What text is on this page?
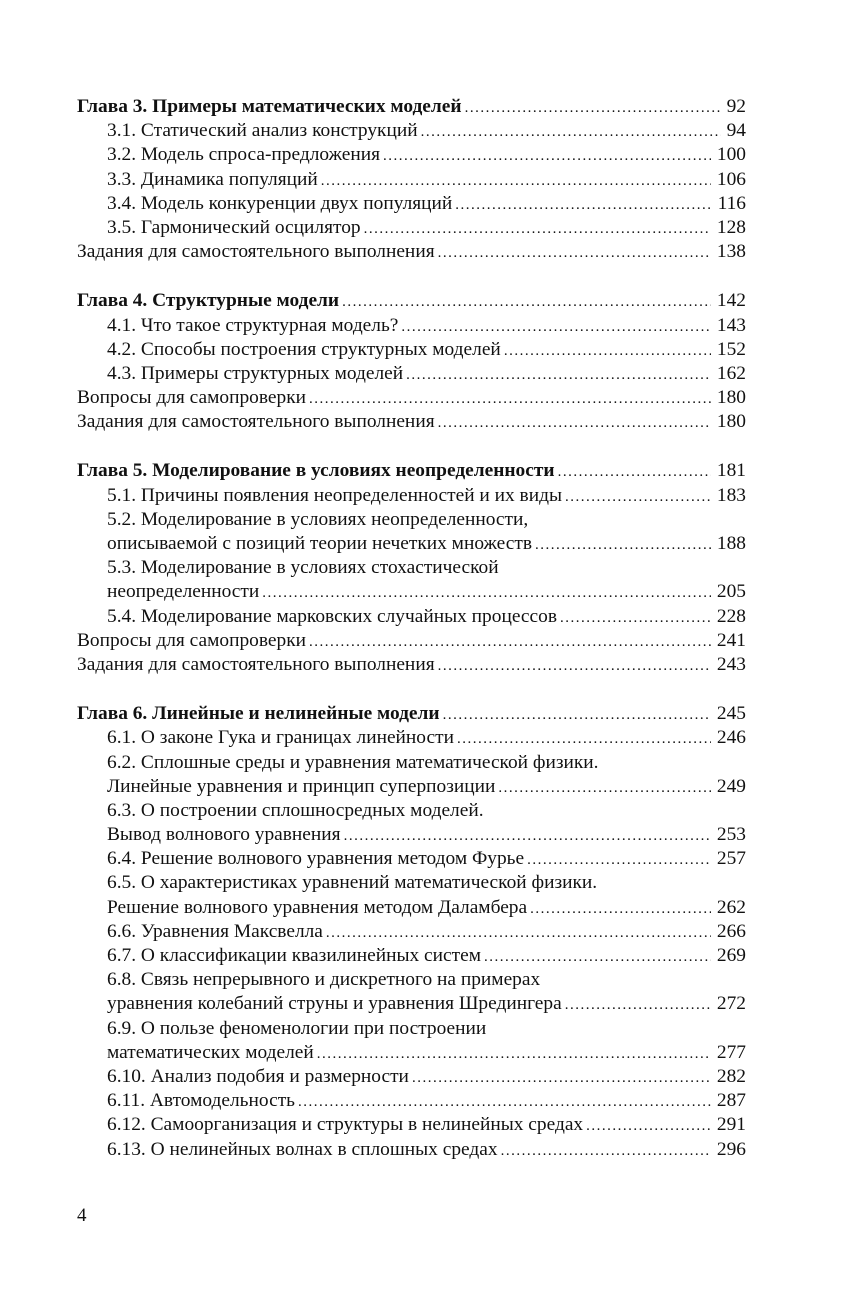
Глава 3. Примеры математических моделей .....	92
3.1. Статический анализ конструкций .....	94
3.2. Модель спроса-предложения .....	100
3.3. Динамика популяций .....	106
3.4. Модель конкуренции двух популяций .....	116
3.5. Гармонический осцилятор .....	128
Задания для самостоятельного выполнения .....	138
Глава 4. Структурные модели .....	142
4.1. Что такое структурная модель? .....	143
4.2. Способы построения структурных моделей .....	152
4.3. Примеры структурных моделей .....	162
Вопросы для самопроверки .....	180
Задания для самостоятельного выполнения .....	180
Глава 5. Моделирование в условиях неопределенности .....	181
5.1. Причины появления неопределенностей и их виды .....	183
5.2. Моделирование в условиях неопределенности,
описываемой с позиций теории нечетких множеств .....	188
5.3. Моделирование в условиях стохастической
неопределенности .....	205
5.4. Моделирование марковских случайных процессов .....	228
Вопросы для самопроверки .....	241
Задания для самостоятельного выполнения .....	243
Глава 6. Линейные и нелинейные модели .....	245
6.1. О законе Гука и границах линейности .....	246
6.2. Сплошные среды и уравнения математической физики.
Линейные уравнения и принцип суперпозиции .....	249
6.3. О построении сплошносредных моделей.
Вывод волнового уравнения .....	253
6.4. Решение волнового уравнения методом Фурье .....	257
6.5. О характеристиках уравнений математической физики.
Решение волнового уравнения методом Даламбера .....	262
6.6. Уравнения Максвелла .....	266
6.7. О классификации квазилинейных систем .....	269
6.8. Связь непрерывного и дискретного на примерах
уравнения колебаний струны и уравнения Шредингера .....	272
6.9. О пользе феноменологии при построении
математических моделей .....	277
6.10. Анализ подобия и размерности .....	282
6.11. Автомодельность .....	287
6.12. Самоорганизация и структуры в нелинейных средах .....	291
6.13. О нелинейных волнах в сплошных средах .....	296
4
